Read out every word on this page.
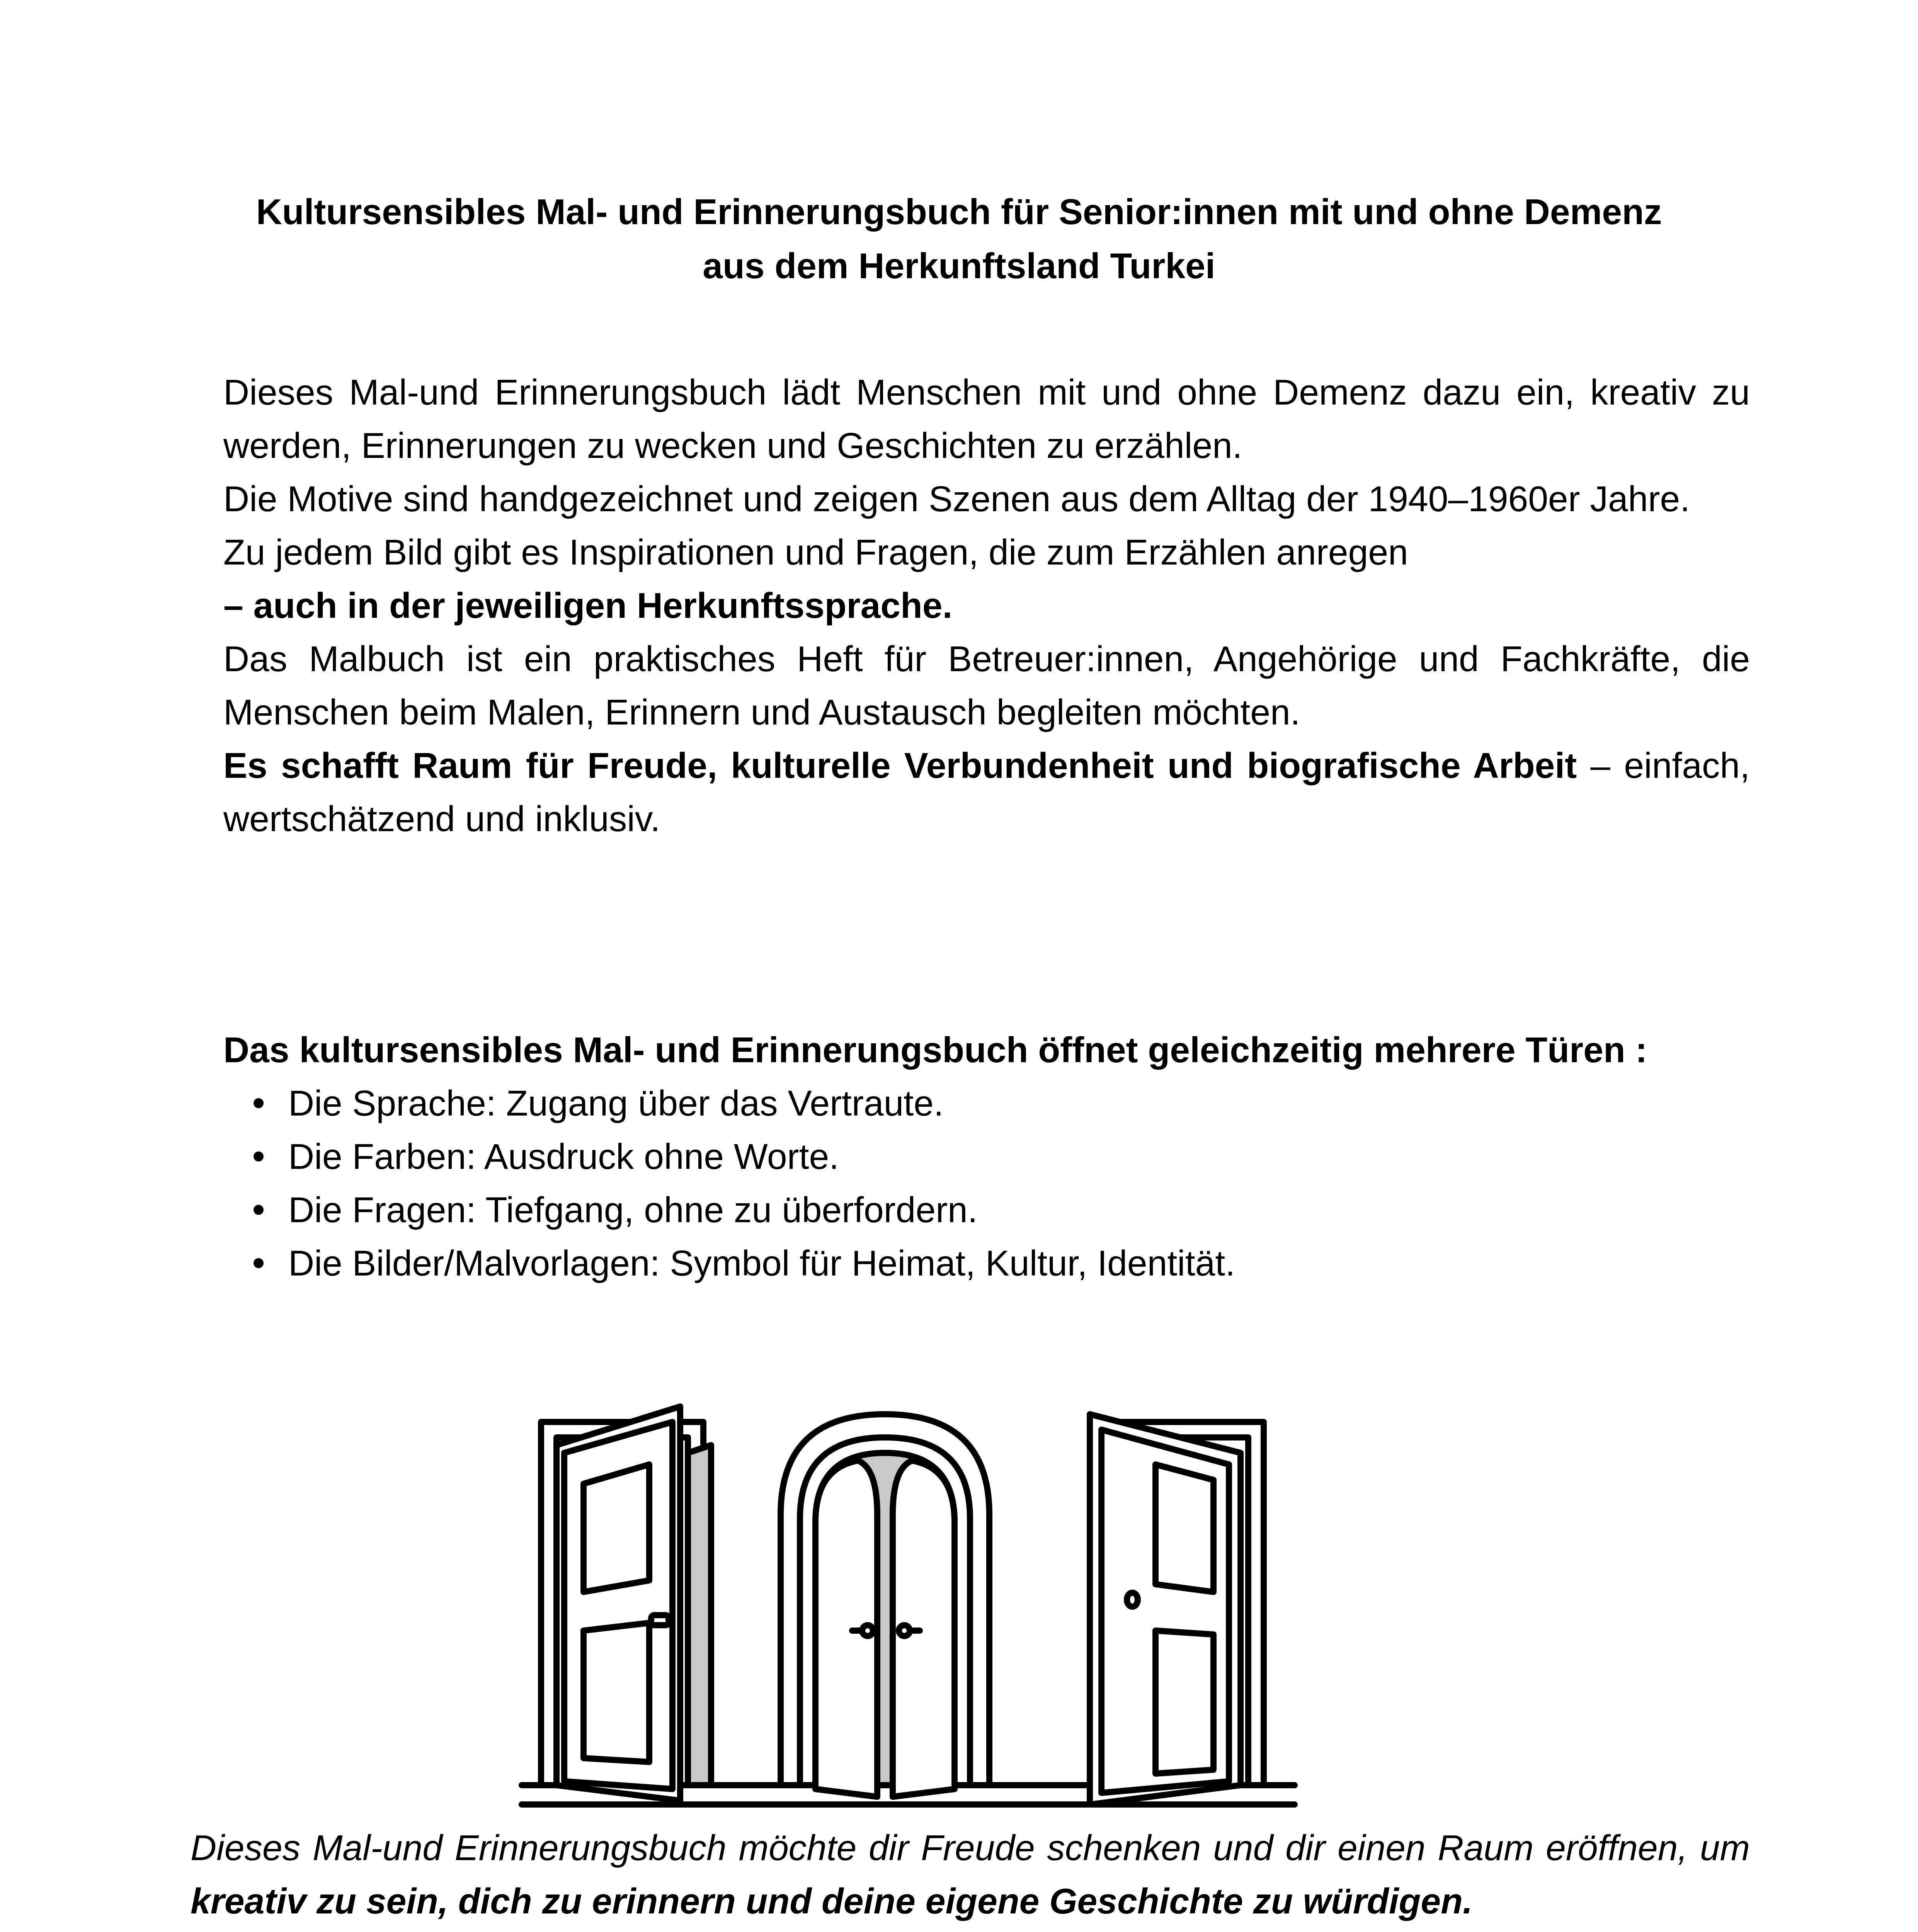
Kultursensibles Mal- und Erinnerungsbuch für Senior:innen mit und ohne Demenz
aus dem Herkunftsland Turkei

Dieses Mal-und Erinnerungsbuch lädt Menschen mit und ohne Demenz dazu ein, kreativ zu werden, Erinnerungen zu wecken und Geschichten zu erzählen.

Die Motive sind handgezeichnet und zeigen Szenen aus dem Alltag der 1940–1960er Jahre.

Zu jedem Bild gibt es Inspirationen und Fragen, die zum Erzählen anregen

– auch in der jeweiligen Herkunftssprache.

Das Malbuch ist ein praktisches Heft für Betreuer:innen, Angehörige und Fachkräfte, die Menschen beim Malen, Erinnern und Austausch begleiten möchten.

Es schafft Raum für Freude, kulturelle Verbundenheit und biografische Arbeit – einfach, wertschätzend und inklusiv.

Das kultursensibles Mal- und Erinnerungsbuch öffnet geleichzeitig mehrere Türen :

Die Sprache: Zugang über das Vertraute.
Die Farben: Ausdruck ohne Worte.
Die Fragen: Tiefgang, ohne zu überfordern.
Die Bilder/Malvorlagen: Symbol für Heimat, Kultur, Identität.

Dieses Mal-und Erinnerungsbuch möchte dir Freude schenken und dir einen Raum eröffnen, um kreativ zu sein, dich zu erinnern und deine eigene Geschichte zu würdigen.
